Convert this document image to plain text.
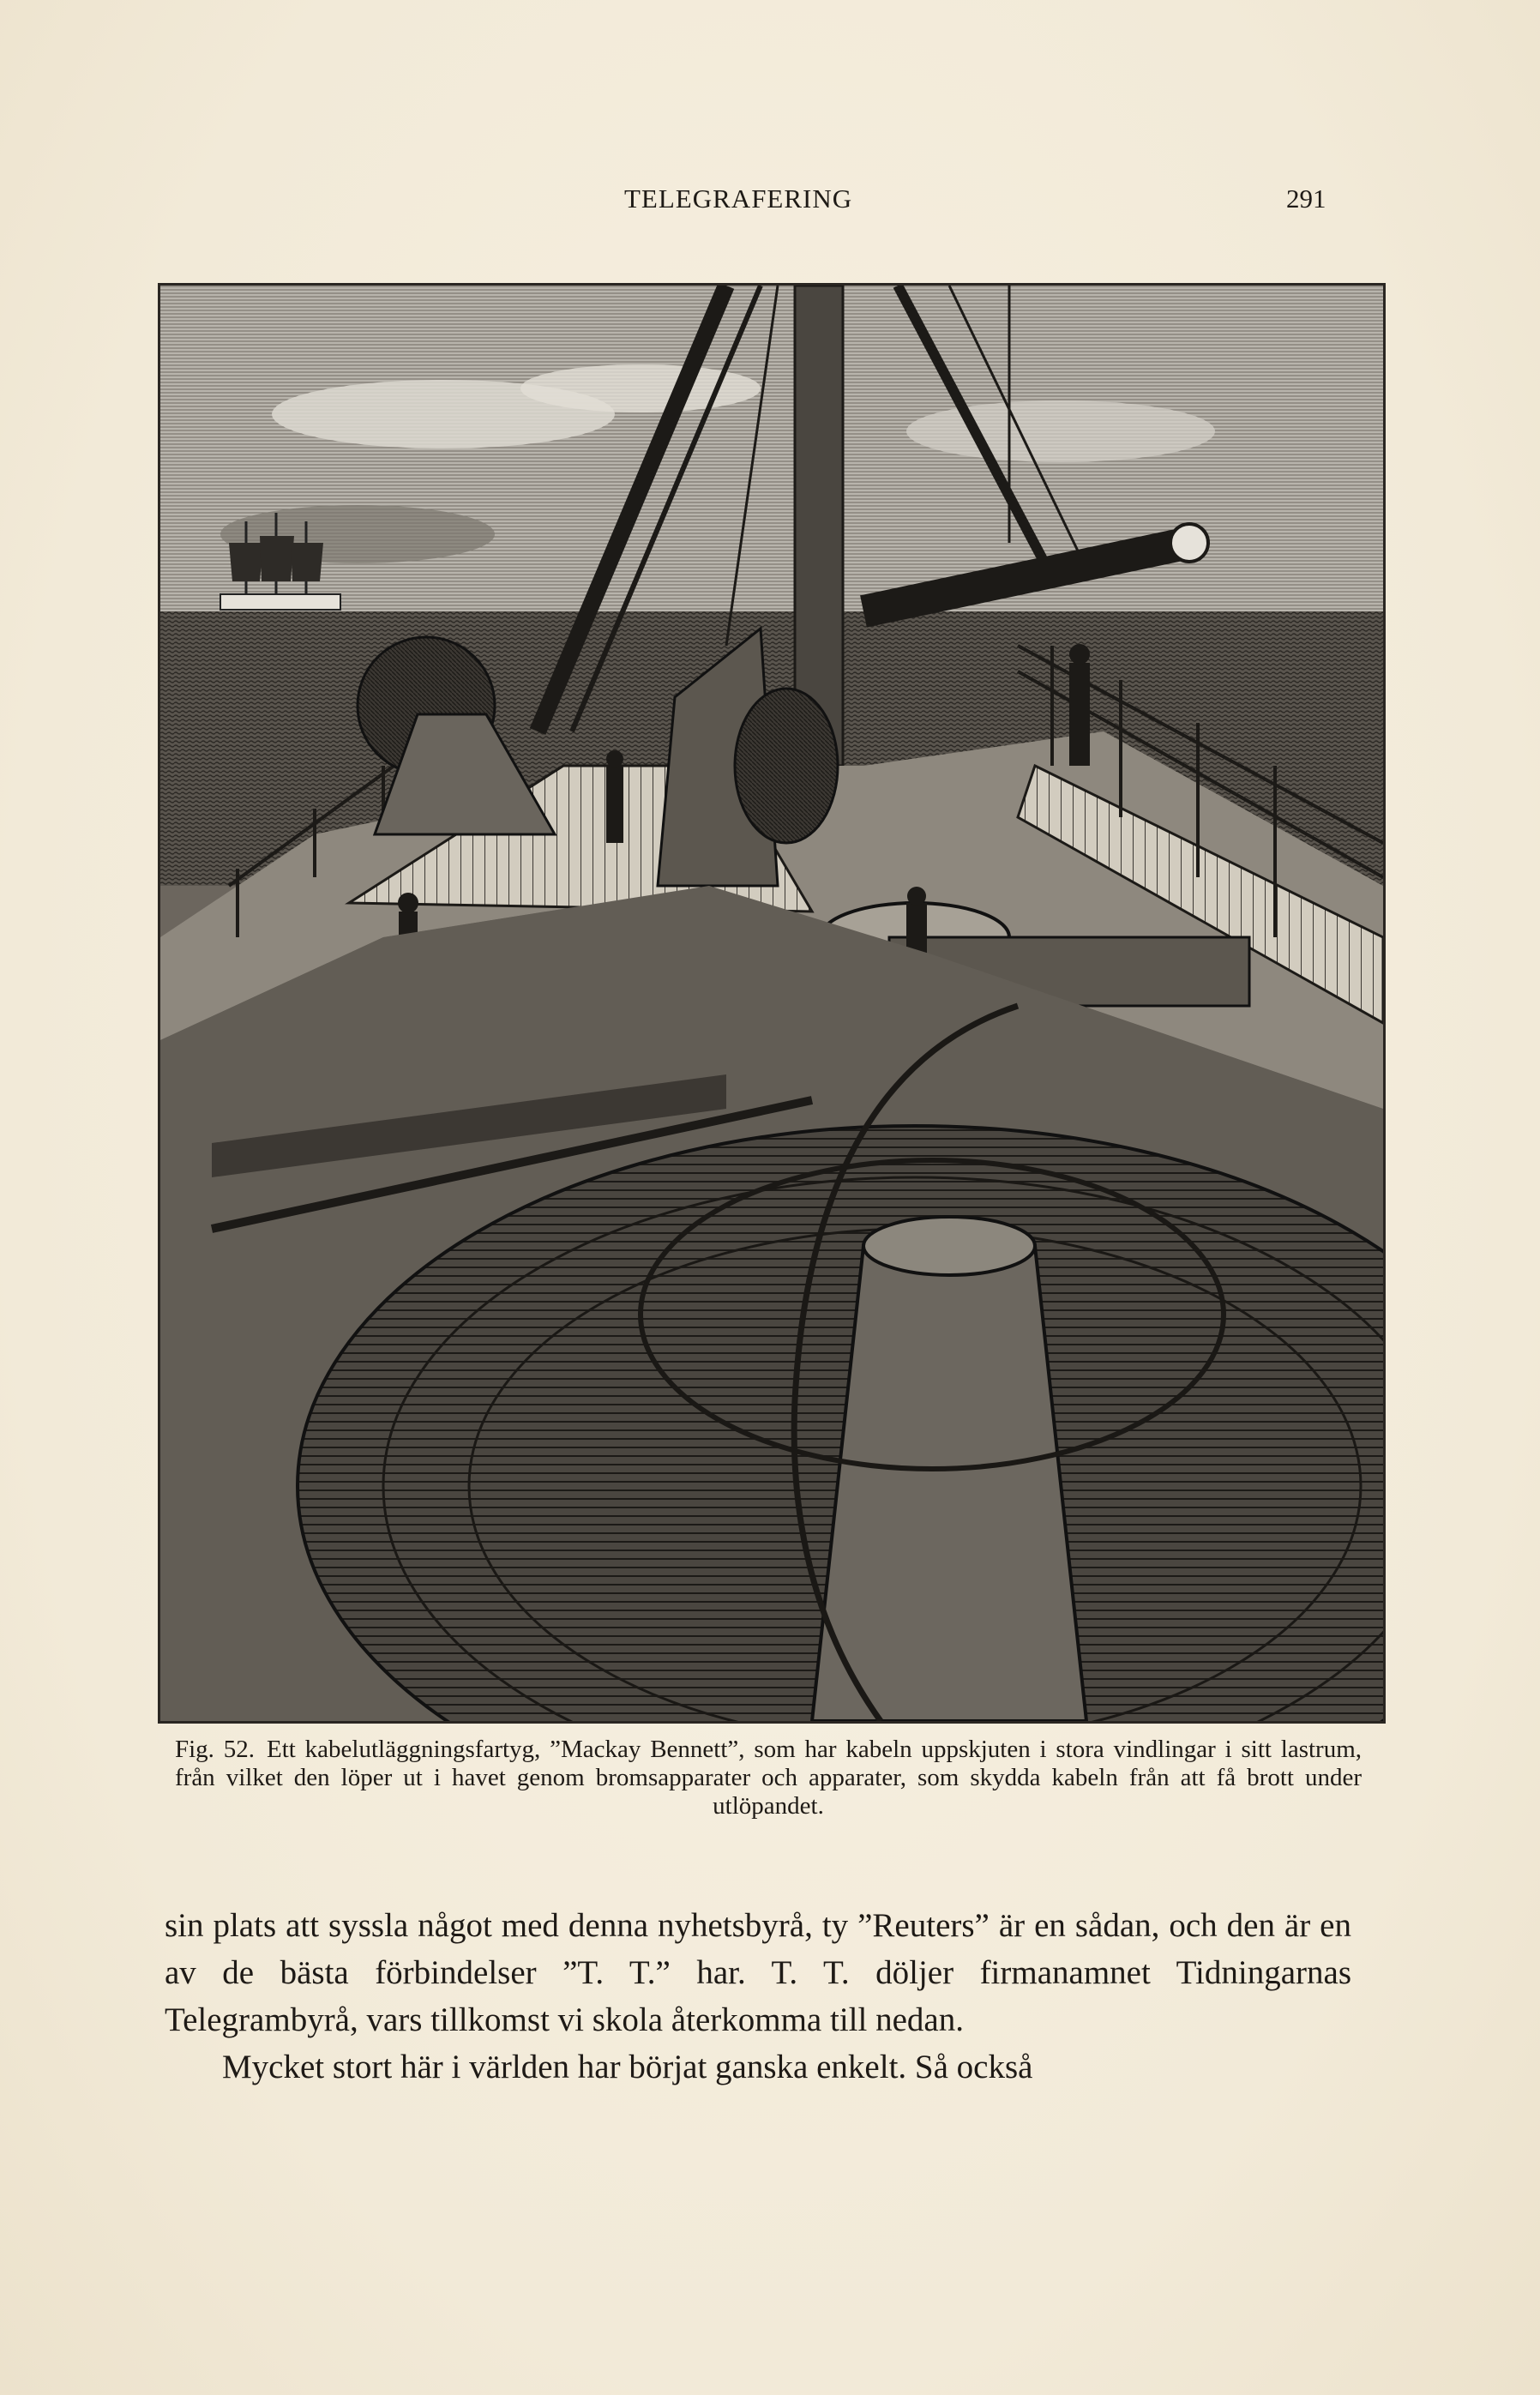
TELEGRAFERING	291
Fig. 52. Ett kabelutläggningsfartyg, ”Mackay Bennett”, som har kabeln uppskjuten i stora vindlingar i sitt lastrum, från vilket den löper ut i havet genom bromsapparater och apparater, som skydda kabeln från att få brott under utlöpandet.

sin plats att syssla något med denna nyhetsbyrå, ty ”Reuters” är en sådan, och den är en av de bästa förbindelser ”T. T.” har. T. T. döljer firmanamnet Tidningarnas Telegrambyrå, vars tillkomst vi skola återkomma till nedan.

Mycket stort här i världen har börjat ganska enkelt. Så också
